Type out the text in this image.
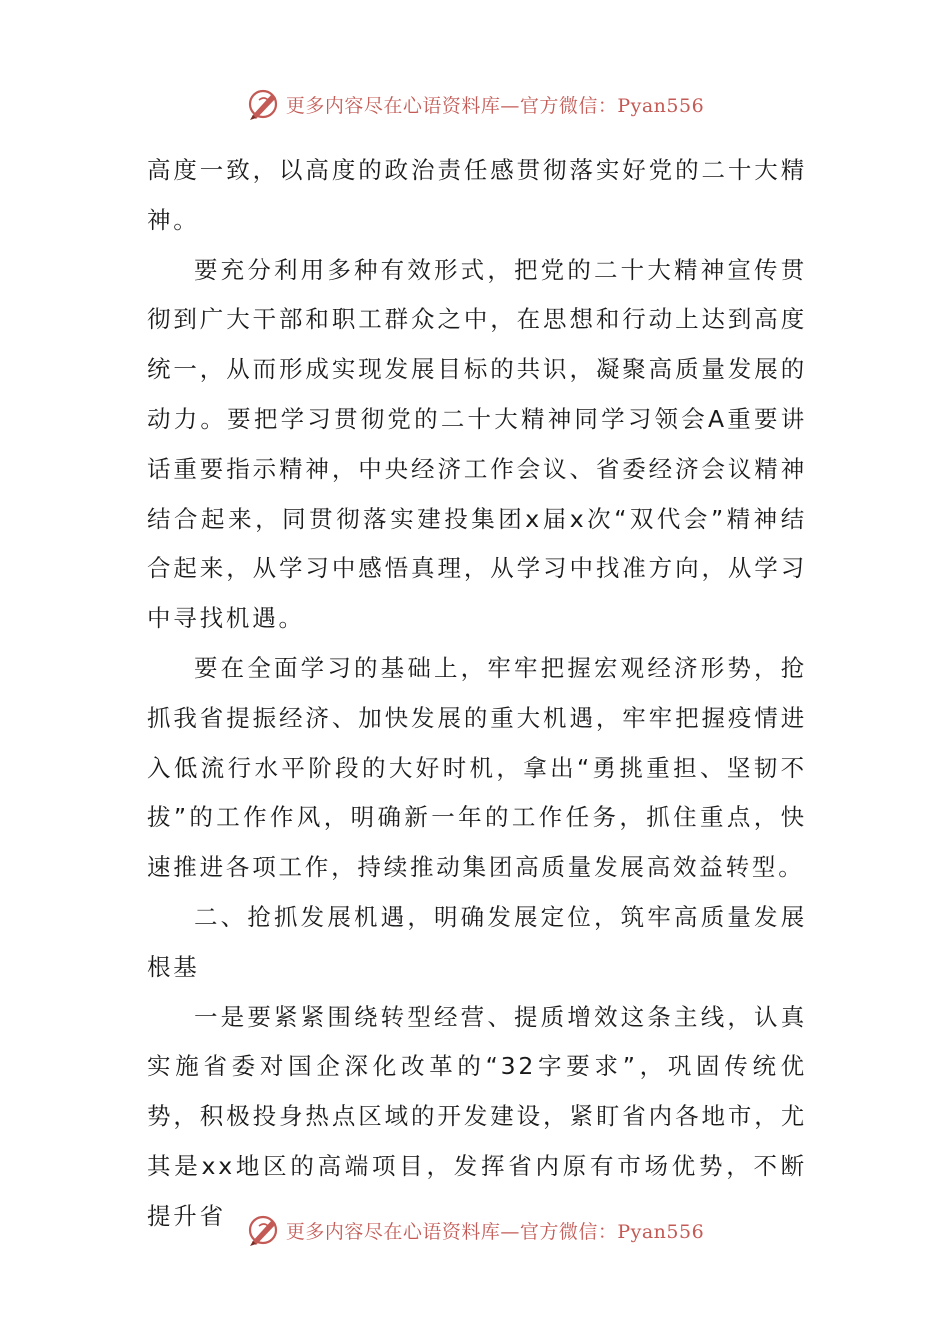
更多内容尽在心语资料库—官方微信：Pyan556

高度一致，以高度的政治责任感贯彻落实好党的二十大精神。

要充分利用多种有效形式，把党的二十大精神宣传贯彻到广大干部和职工群众之中，在思想和行动上达到高度统一，从而形成实现发展目标的共识，凝聚高质量发展的动力。要把学习贯彻党的二十大精神同学习领会A重要讲话重要指示精神，中央经济工作会议、省委经济会议精神结合起来，同贯彻落实建投集团x届x次“双代会”精神结合起来，从学习中感悟真理，从学习中找准方向，从学习中寻找机遇。

要在全面学习的基础上，牢牢把握宏观经济形势，抢抓我省提振经济、加快发展的重大机遇，牢牢把握疫情进入低流行水平阶段的大好时机，拿出“勇挑重担、坚韧不拔”的工作作风，明确新一年的工作任务，抓住重点，快速推进各项工作，持续推动集团高质量发展高效益转型。

二、抢抓发展机遇，明确发展定位，筑牢高质量发展根基

一是要紧紧围绕转型经营、提质增效这条主线，认真实施省委对国企深化改革的“32字要求”，巩固传统优势，积极投身热点区域的开发建设，紧盯省内各地市，尤其是xx地区的高端项目，发挥省内原有市场优势，不断提升省

更多内容尽在心语资料库—官方微信：Pyan556
